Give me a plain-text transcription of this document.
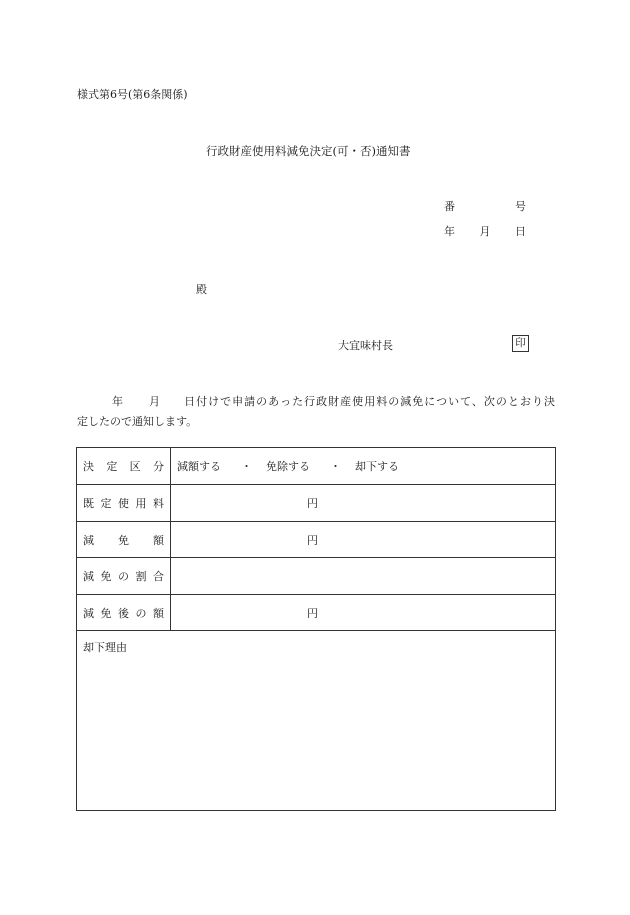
様式第6号(第6条関係)
行政財産使用料減免決定(可・否)通知書
番	号
年 月 日
殿
大宜味村長	印
年 月 日付けで申請のあった行政財産使用料の減免について、次のとおり決
定したので通知します。
決定区分 減額する ・ 免除する ・ 却下する
既定使用料	円
減免額	円
減免の割合
減免後の額	円
却下理由
